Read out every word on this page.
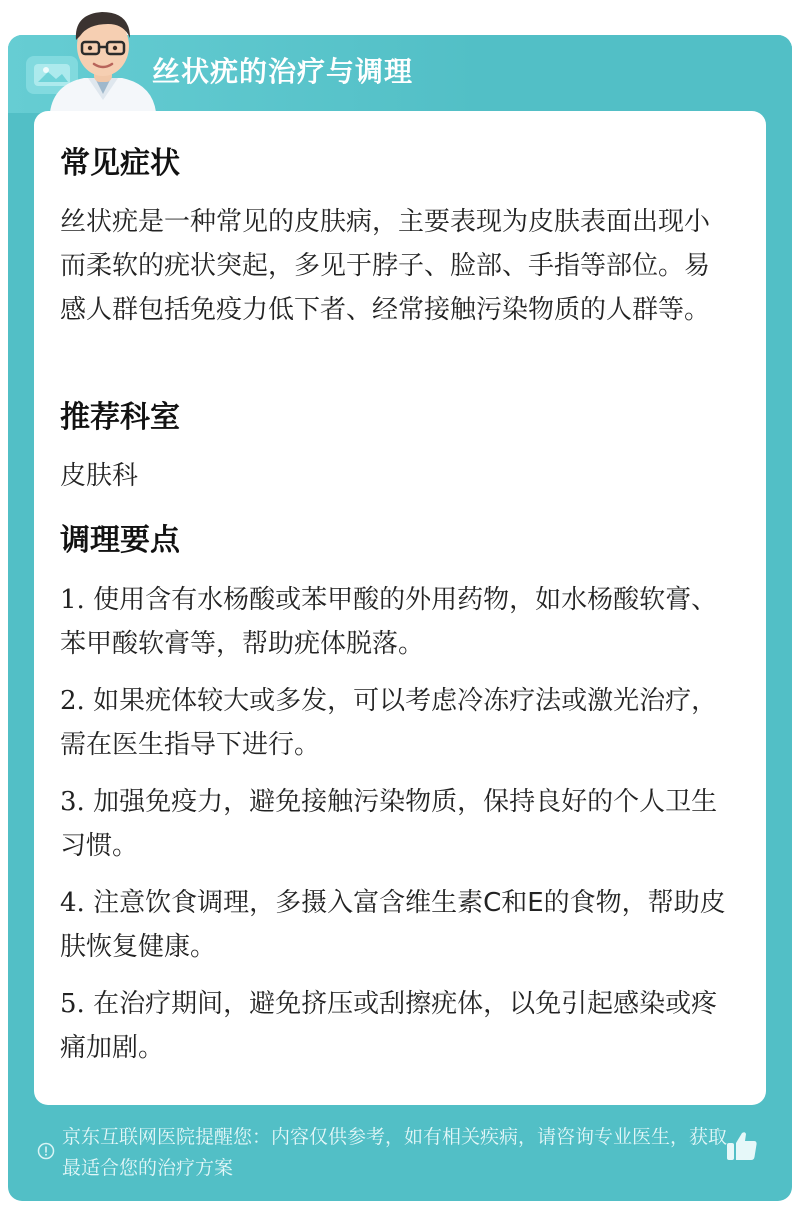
丝状疣的治疗与调理
常见症状
丝状疣是一种常见的皮肤病，主要表现为皮肤表面出现小而柔软的疣状突起，多见于脖子、脸部、手指等部位。易感人群包括免疫力低下者、经常接触污染物质的人群等。
推荐科室
皮肤科
调理要点
1. 使用含有水杨酸或苯甲酸的外用药物，如水杨酸软膏、苯甲酸软膏等，帮助疣体脱落。
2. 如果疣体较大或多发，可以考虑冷冻疗法或激光治疗，需在医生指导下进行。
3. 加强免疫力，避免接触污染物质，保持良好的个人卫生习惯。
4. 注意饮食调理，多摄入富含维生素C和E的食物，帮助皮肤恢复健康。
5. 在治疗期间，避免挤压或刮擦疣体，以免引起感染或疼痛加剧。
京东互联网医院提醒您：内容仅供参考，如有相关疾病，请咨询专业医生，获取最适合您的治疗方案
